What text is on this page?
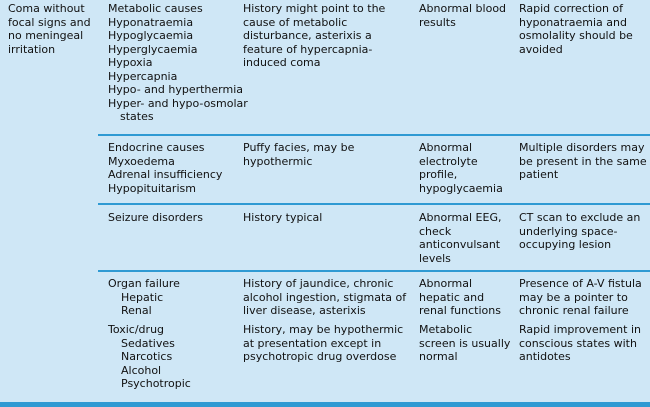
Coma without focal signs and no meningeal irritation
Metabolic causes
Hyponatraemia
Hypoglycaemia
Hyperglycaemia
Hypoxia
Hypercapnia
Hypo- and hyperthermia
Hyper- and hypo-osmolar
states
History might point to the cause of metabolic disturbance, asterixis a feature of hypercapnia-induced coma
Abnormal blood results
Rapid correction of hyponatraemia and osmolality should be avoided
Endocrine causes
Myxoedema
Adrenal insufficiency
Hypopituitarism
Puffy facies, may be hypothermic
Abnormal electrolyte profile, hypoglycaemia
Multiple disorders may be present in the same patient
Seizure disorders	History typical	Abnormal EEG, check anticonvulsant levels
CT scan to exclude an underlying space-occupying lesion
Organ failure
Hepatic
Renal
History of jaundice, chronic alcohol ingestion, stigmata of liver disease, asterixis
Abnormal hepatic and renal functions
Presence of A-V fistula may be a pointer to chronic renal failure
Toxic/drug
Sedatives
Narcotics
Alcohol
Psychotropic
History, may be hypothermic at presentation except in psychotropic drug overdose
Metabolic screen is usually normal
Rapid improvement in conscious states with antidotes
